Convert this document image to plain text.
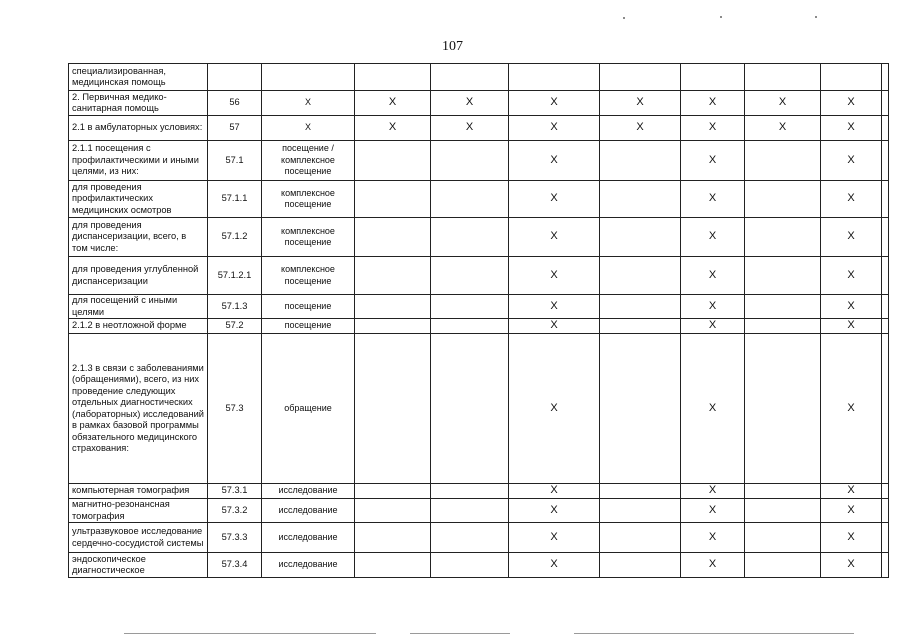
107
специализированная, медицинская помощь										
2. Первичная медико-санитарная помощь	56	Х	Х	Х	Х	Х	Х	Х	Х	
2.1 в амбулаторных условиях:	57	Х	Х	Х	Х	Х	Х	Х	Х	
2.1.1 посещения с профилактическими и иными целями, из них:	57.1	посещение / комплексное посещение			Х		Х		Х	
для проведения профилактических медицинских осмотров	57.1.1	комплексное посещение			Х		Х		Х	
для проведения диспансеризации, всего, в том числе:	57.1.2	комплексное посещение			Х		Х		Х	
для проведения углубленной диспансеризации	57.1.2.1	комплексное посещение			Х		Х		Х	
для посещений с иными целями	57.1.3	посещение			Х		Х		Х	
2.1.2 в неотложной форме	57.2	посещение			Х		Х		Х	
2.1.3 в связи с заболеваниями (обращениями), всего, из них проведение следующих отдельных диагностических (лабораторных) исследований в рамках базовой программы обязательного медицинского страхования:	57.3	обращение			Х		Х		Х	
компьютерная томография	57.3.1	исследование			Х		Х		Х	
магнитно-резонансная томография	57.3.2	исследование			Х		Х		Х	
ультразвуковое исследование сердечно-сосудистой системы	57.3.3	исследование			Х		Х		Х	
эндоскопическое диагностическое	57.3.4	исследование			Х		Х		Х	
